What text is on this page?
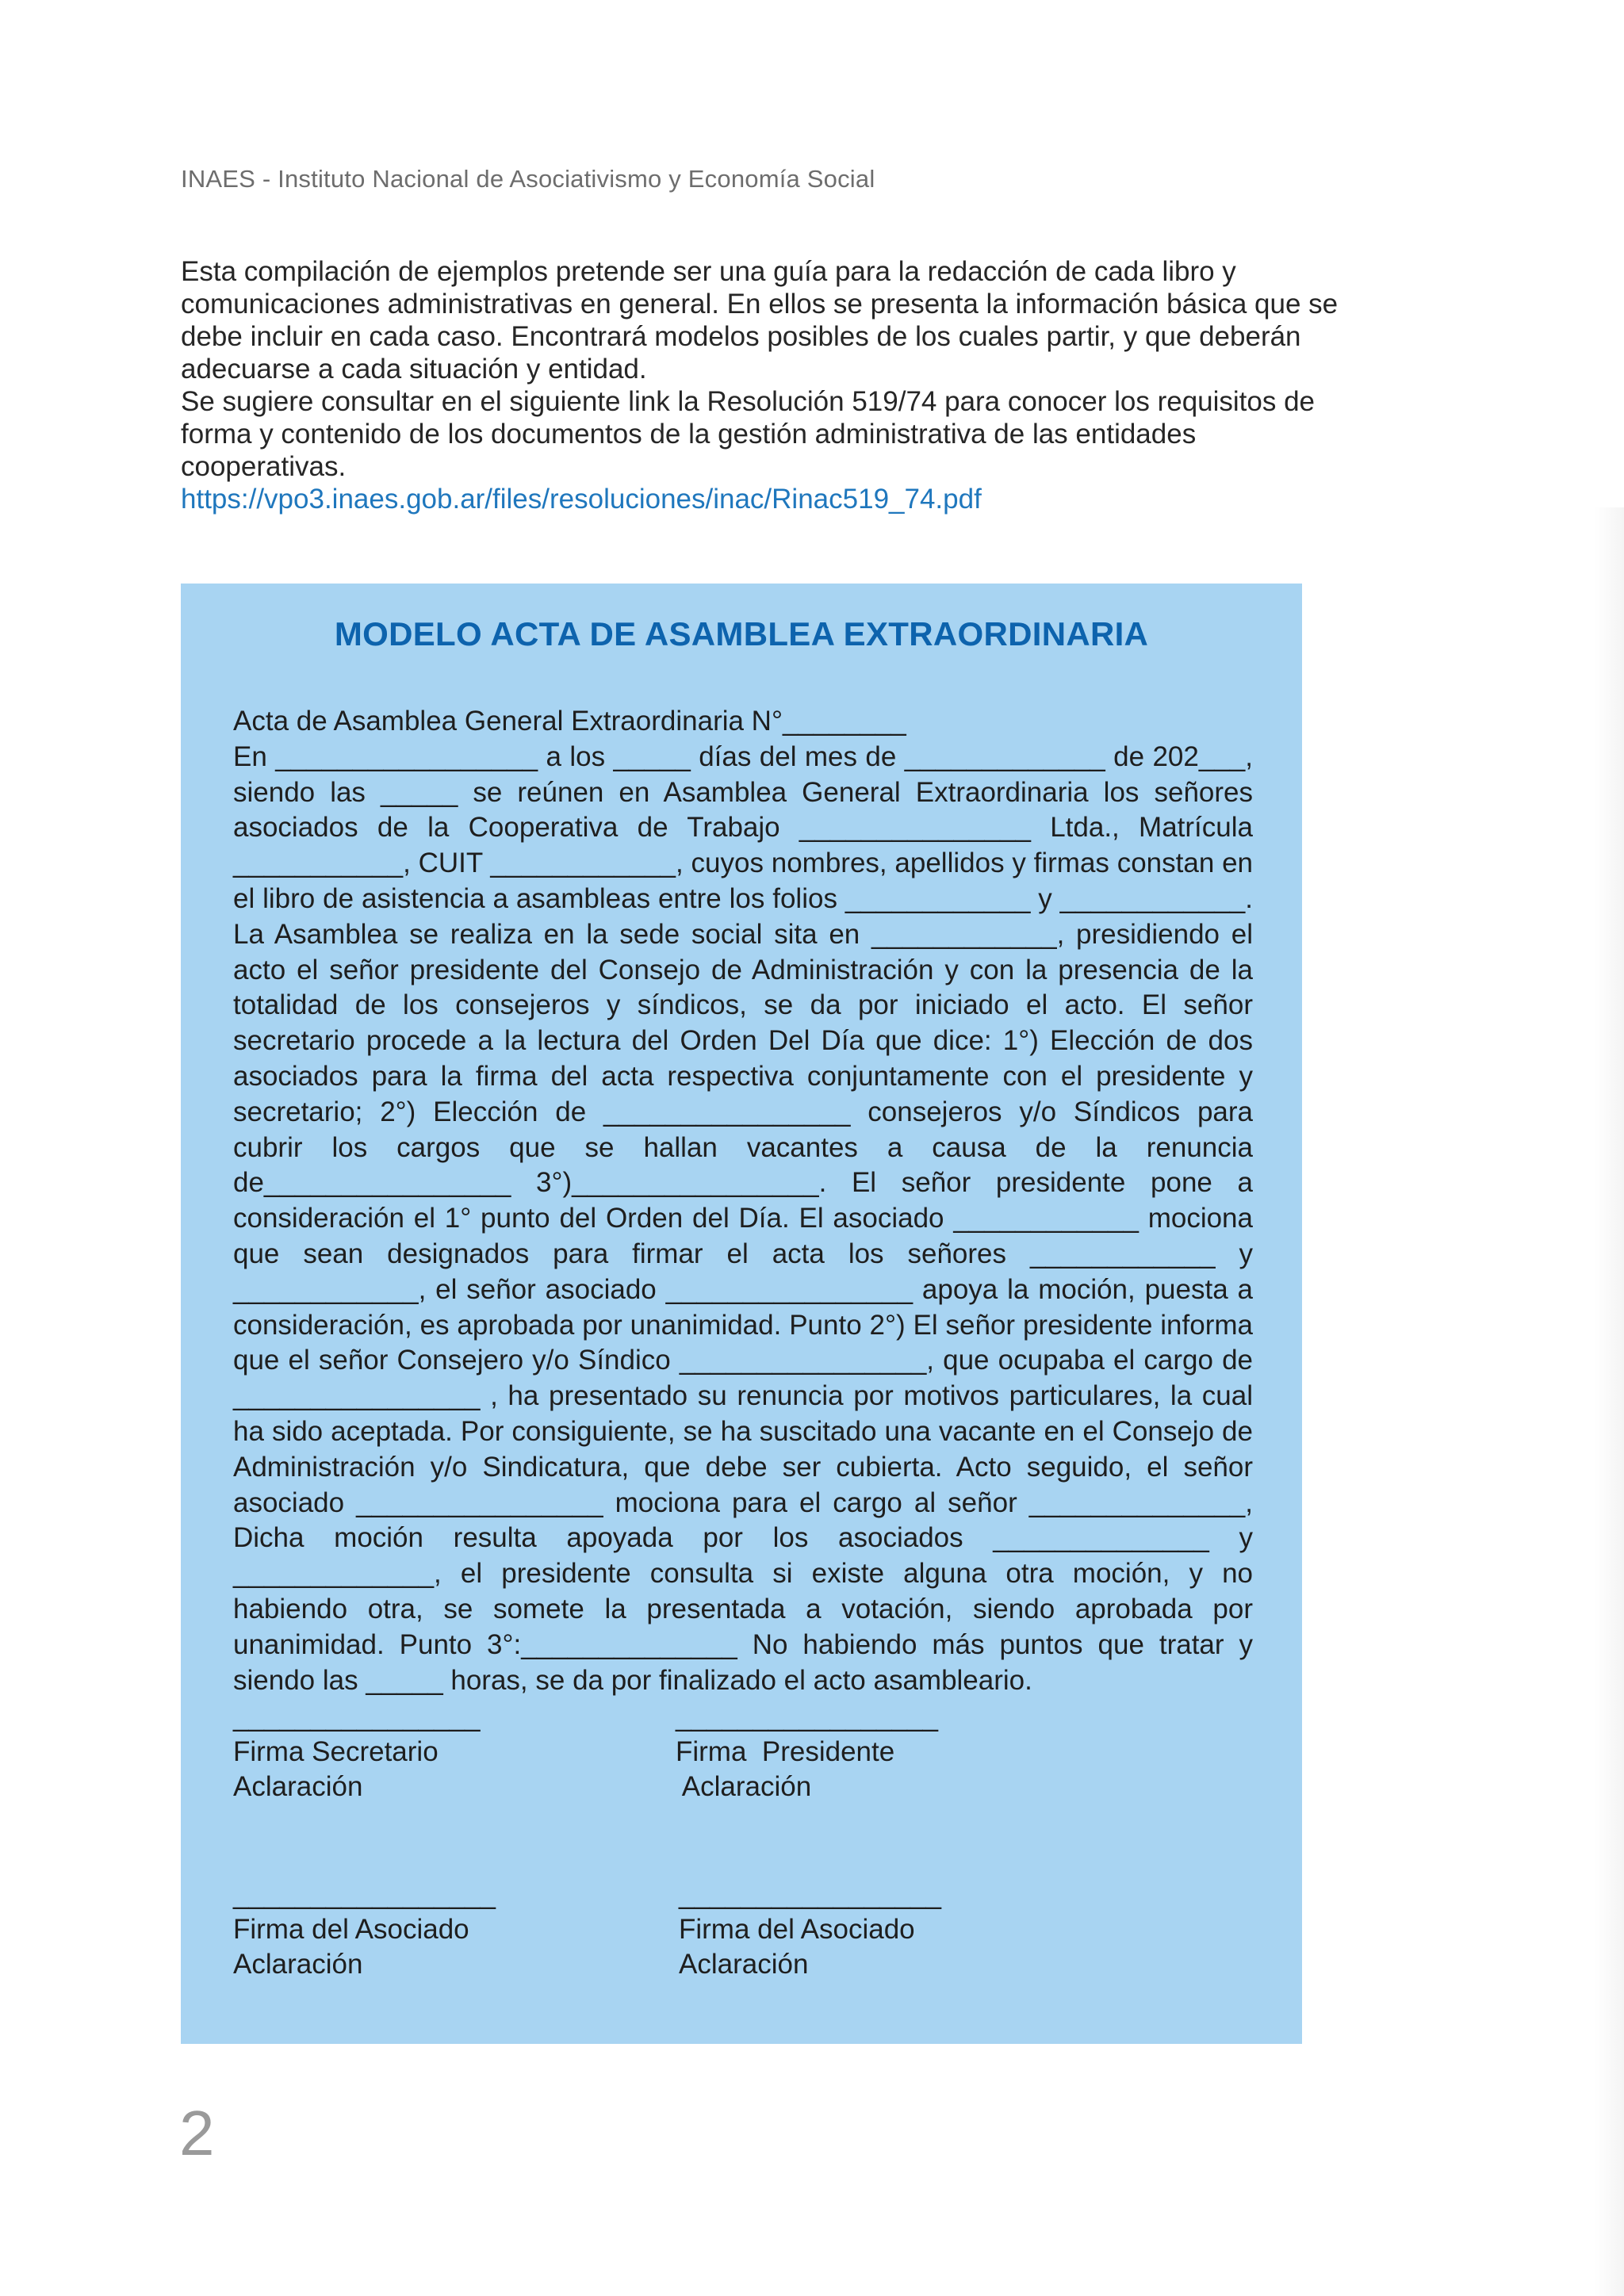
INAES - Instituto Nacional de Asociativismo y Economía Social

Esta compilación de ejemplos pretende ser una guía para la redacción de cada libro y comunicaciones administrativas en general. En ellos se presenta la información básica que se debe incluir en cada caso. Encontrará modelos posibles de los cuales partir, y que deberán adecuarse a cada situación y entidad.

Se sugiere consultar en el siguiente link la Resolución 519/74 para conocer los requisitos de forma y contenido de los documentos de la gestión administrativa de las entidades cooperativas.

https://vpo3.inaes.gob.ar/files/resoluciones/inac/Rinac519_74.pdf

MODELO ACTA DE ASAMBLEA EXTRAORDINARIA

Acta de Asamblea General Extraordinaria N°________

En _________________ a los _____ días del mes de _____________ de 202___, siendo las _____ se reúnen en Asamblea General Extraordinaria los señores asociados de la Cooperativa de Trabajo _______________ Ltda., Matrícula ___________, CUIT ____________, cuyos nombres, apellidos y firmas constan en el libro de asistencia a asambleas entre los folios ____________ y ____________. La Asamblea se realiza en la sede social sita en ____________, presidiendo el acto el señor presidente del Consejo de Administración y con la presencia de la totalidad de los consejeros y síndicos, se da por iniciado el acto. El señor secretario procede a la lectura del Orden Del Día que dice: 1°) Elección de dos asociados para la firma del acta respectiva conjuntamente con el presidente y secretario; 2°) Elección de ________________ consejeros y/o Síndicos para cubrir los cargos que se hallan vacantes a causa de la renuncia de________________ 3°)________________. El señor presidente pone a consideración el 1° punto del Orden del Día. El asociado ____________ mociona que sean designados para firmar el acta los señores ____________ y ____________, el señor asociado ________________ apoya la moción, puesta a consideración, es aprobada por unanimidad. Punto 2°) El señor presidente informa que el señor Consejero y/o Síndico ________________, que ocupaba el cargo de ________________ , ha presentado su renuncia por motivos particulares, la cual ha sido aceptada. Por consiguiente, se ha suscitado una vacante en el Consejo de Administración y/o Sindicatura, que debe ser cubierta. Acto seguido, el señor asociado ________________ mociona para el cargo al señor ______________, Dicha moción resulta apoyada por los asociados ______________ y _____________, el presidente consulta si existe alguna otra moción, y no habiendo otra, se somete la presentada a votación, siendo aprobada por unanimidad. Punto 3°:______________ No habiendo más puntos que tratar y siendo las _____ horas, se da por finalizado el acto asambleario.

________________
Firma Secretario
Aclaración
_________________
Firma  Presidente
Aclaración
_________________
Firma del Asociado
Aclaración
_________________
Firma del Asociado
Aclaración
2
